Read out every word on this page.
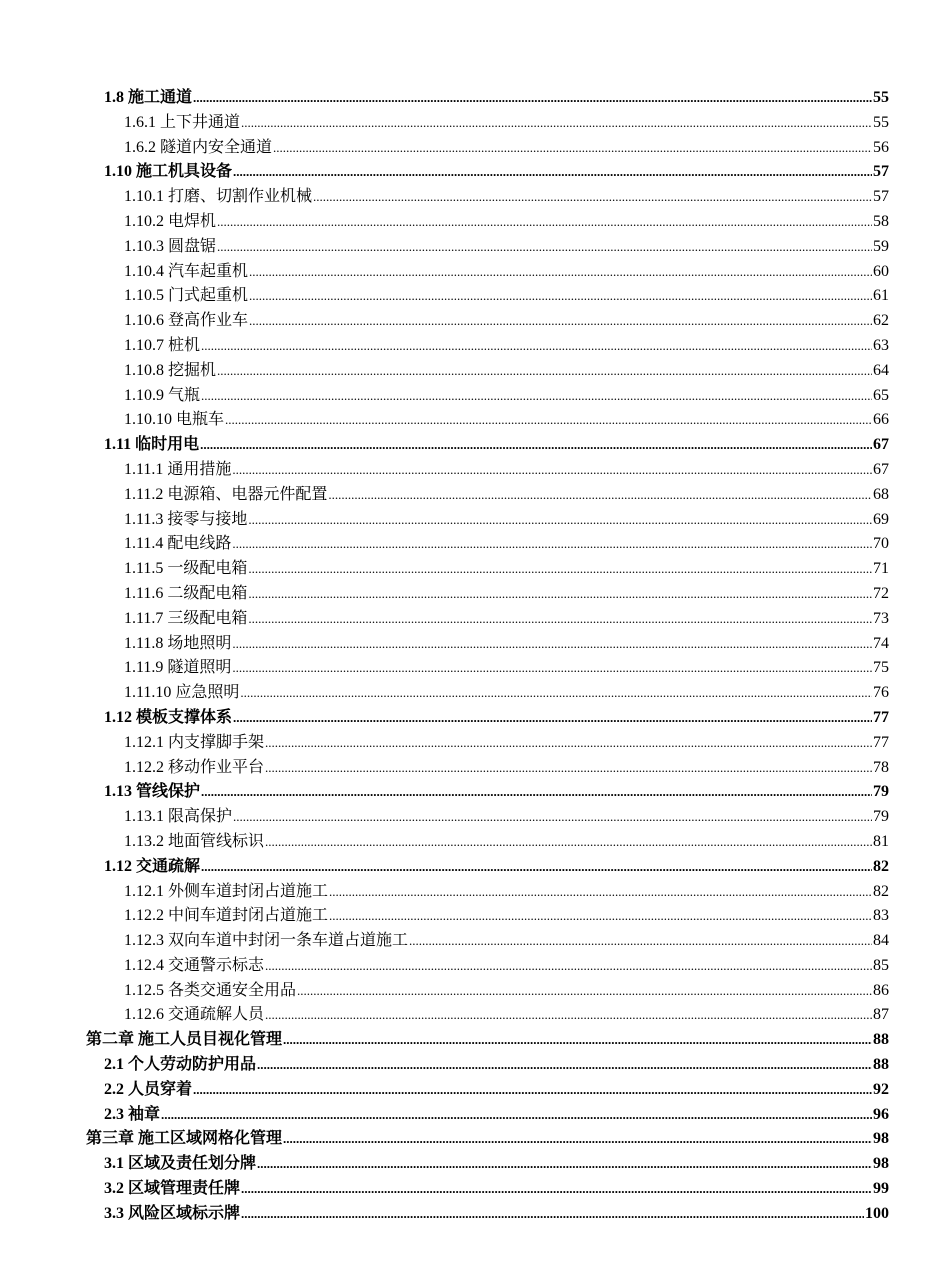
1.8 施工通道 .....	55
1.6.1 上下井通道 .....	55
1.6.2 隧道内安全通道 .....	56
1.10 施工机具设备 .....	57
1.10.1 打磨、切割作业机械 .....	57
1.10.2 电焊机 .....	58
1.10.3 圆盘锯 .....	59
1.10.4 汽车起重机 .....	60
1.10.5 门式起重机 .....	61
1.10.6 登高作业车 .....	62
1.10.7 桩机 .....	63
1.10.8 挖掘机 .....	64
1.10.9 气瓶 .....	65
1.10.10 电瓶车 .....	66
1.11 临时用电 .....	67
1.11.1 通用措施 .....	67
1.11.2 电源箱、电器元件配置 .....	68
1.11.3 接零与接地 .....	69
1.11.4 配电线路 .....	70
1.11.5 一级配电箱 .....	71
1.11.6 二级配电箱 .....	72
1.11.7 三级配电箱 .....	73
1.11.8 场地照明 .....	74
1.11.9 隧道照明 .....	75
1.11.10 应急照明 .....	76
1.12 模板支撑体系 .....	77
1.12.1 内支撑脚手架 .....	77
1.12.2 移动作业平台 .....	78
1.13 管线保护 .....	79
1.13.1 限高保护 .....	79
1.13.2 地面管线标识 .....	81
1.12 交通疏解 .....	82
1.12.1 外侧车道封闭占道施工 .....	82
1.12.2 中间车道封闭占道施工 .....	83
1.12.3 双向车道中封闭一条车道占道施工 .....	84
1.12.4 交通警示标志 .....	85
1.12.5 各类交通安全用品 .....	86
1.12.6 交通疏解人员 .....	87
第二章 施工人员目视化管理 .....	88
2.1 个人劳动防护用品 .....	88
2.2 人员穿着 .....	92
2.3 袖章 .....	96
第三章 施工区域网格化管理 .....	98
3.1 区域及责任划分牌 .....	98
3.2 区域管理责任牌 .....	99
3.3 风险区域标示牌 .....	100
